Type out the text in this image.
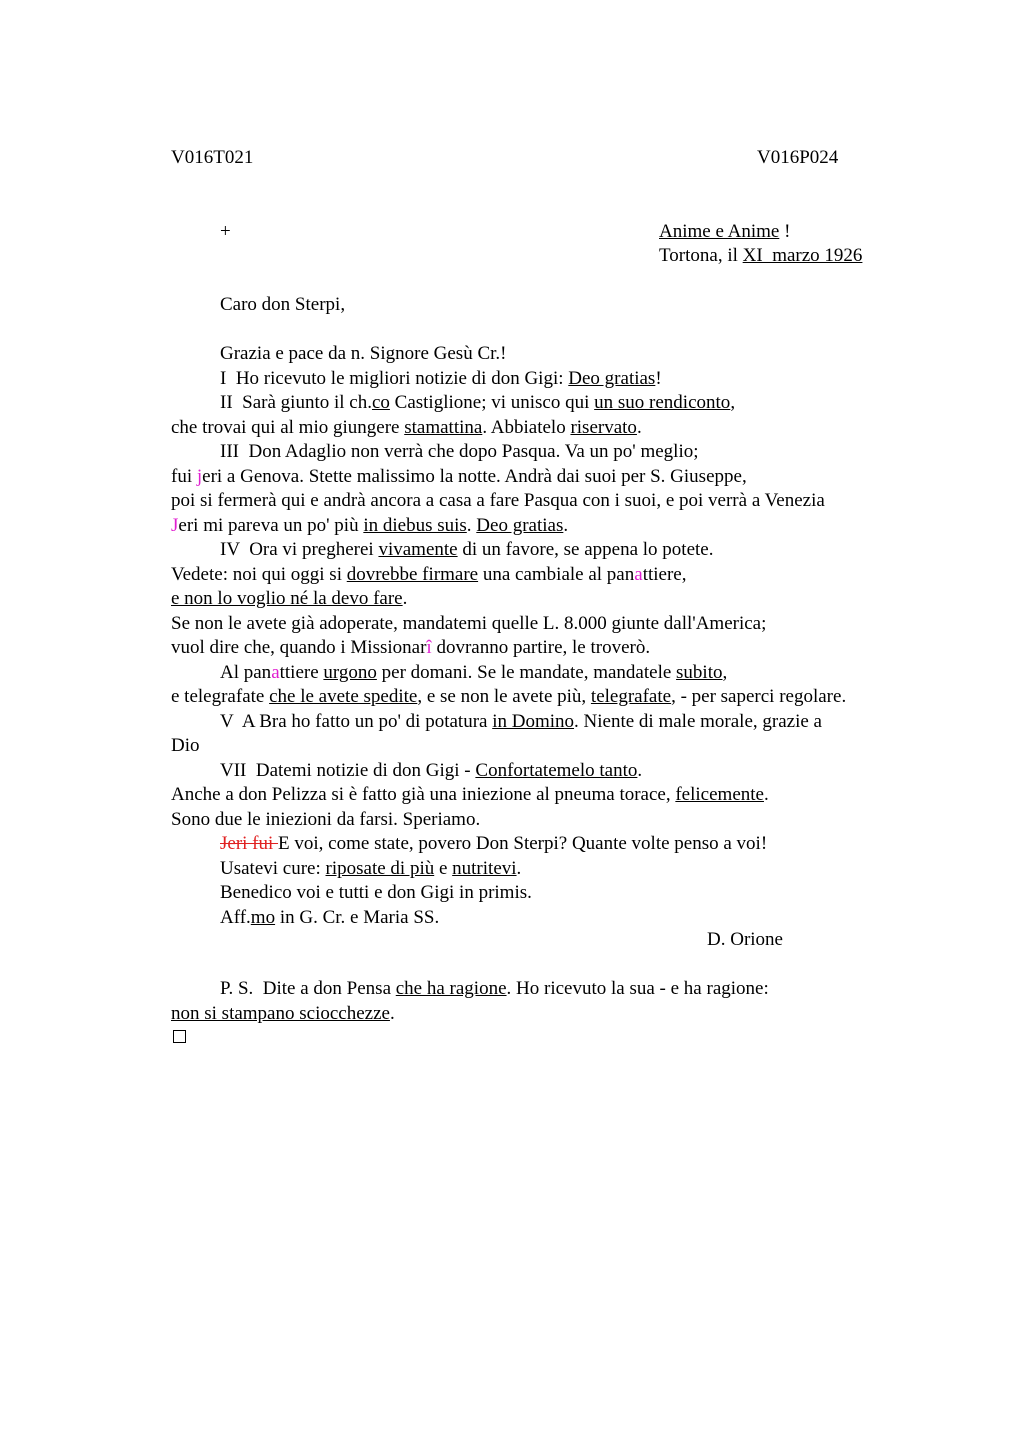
V016T021	V016P024
+	Anime e Anime !
Tortona, il XI  marzo 1926
Caro don Sterpi,
Grazia e pace da n. Signore Gesù Cr.!
I  Ho ricevuto le migliori notizie di don Gigi: Deo gratias!
II  Sarà giunto il ch.co Castiglione; vi unisco qui un suo rendiconto,
che trovai qui al mio giungere stamattina. Abbiatelo riservato.
III  Don Adaglio non verrà che dopo Pasqua. Va un po' meglio;
fui jeri a Genova. Stette malissimo la notte. Andrà dai suoi per S. Giuseppe,
poi si fermerà qui e andrà ancora a casa a fare Pasqua con i suoi, e poi verrà a Venezia
Jeri mi pareva un po' più in diebus suis. Deo gratias.
IV  Ora vi pregherei vivamente di un favore, se appena lo potete.
Vedete: noi qui oggi si dovrebbe firmare una cambiale al panattiere,
e non lo voglio né la devo fare.
Se non le avete già adoperate, mandatemi quelle L. 8.000 giunte dall'America;
vuol dire che, quando i Missionarî dovranno partire, le troverò.
Al panattiere urgono per domani. Se le mandate, mandatele subito,
e telegrafate che le avete spedite, e se non le avete più, telegrafate, - per saperci regolare.
V  A Bra ho fatto un po' di potatura in Domino. Niente di male morale, grazie a
Dio
VII  Datemi notizie di don Gigi - Confortatemelo tanto.
Anche a don Pelizza si è fatto già una iniezione al pneuma torace, felicemente.
Sono due le iniezioni da farsi. Speriamo.
Jeri fui E voi, come state, povero Don Sterpi? Quante volte penso a voi!
Usatevi cure: riposate di più e nutritevi.
Benedico voi e tutti e don Gigi in primis.
Aff.mo in G. Cr. e Maria SS.
D. Orione
P. S.  Dite a don Pensa che ha ragione. Ho ricevuto la sua - e ha ragione:
non si stampano sciocchezze.
